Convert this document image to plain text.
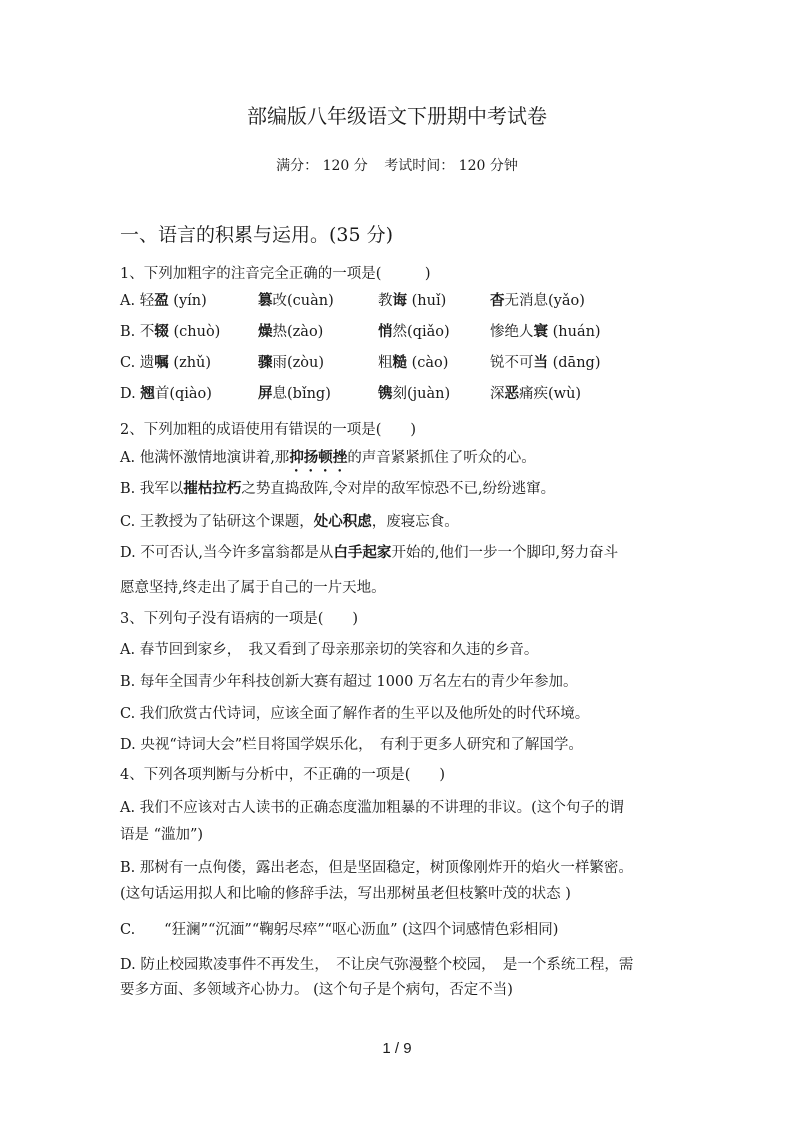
部编版八年级语文下册期中考试卷
满分： 120 分 考试时间： 120 分钟
一、语言的积累与运用。(35 分)
1、下列加粗字的注音完全正确的一项是(　　　)
A. 轻盈 (yín)	篡改(cuàn)	教诲 (huǐ)	杳无消息(yǎo)
B. 不辍 (chuò)	燥热(zào)	悄然(qiǎo)	惨绝人寰 (huán)
C. 遗嘱 (zhǔ)	骤雨(zòu)	粗糙 (cào)	锐不可当 (dāng)
D. 翘首(qiào)	屏息(bǐng)	镌刻(juàn)	深恶痛疾(wù)
2、下列加粗的成语使用有错误的一项是(　　)
A. 他满怀激情地演讲着,那抑扬顿挫的声音紧紧抓住了听众的心。
B. 我军以摧枯拉朽之势直捣敌阵,令对岸的敌军惊恐不已,纷纷逃窜。
C. 王教授为了钻研这个课题，处心积虑，废寝忘食。
D. 不可否认,当今许多富翁都是从白手起家开始的,他们一步一个脚印,努力奋斗
愿意坚持,终走出了属于自己的一片天地。
3、下列句子没有语病的一项是(　　)
A. 春节回到家乡，　我又看到了母亲那亲切的笑容和久违的乡音。
B. 每年全国青少年科技创新大赛有超过 1000 万名左右的青少年参加。
C. 我们欣赏古代诗词，应该全面了解作者的生平以及他所处的时代环境。
D. 央视“诗词大会”栏目将国学娱乐化，　有利于更多人研究和了解国学。
4、下列各项判断与分析中，不正确的一项是(　　)
A. 我们不应该对古人读书的正确态度滥加粗暴的不讲理的非议。(这个句子的谓
语是 “滥加”)
B. 那树有一点佝偻，露出老态，但是坚固稳定，树顶像刚炸开的焰火一样繁密。
(这句话运用拟人和比喻的修辞手法，写出那树虽老但枝繁叶茂的状态 )
C.　　“狂澜”“沉湎”“鞠躬尽瘁”“呕心沥血” (这四个词感情色彩相同)
D. 防止校园欺凌事件不再发生，　不让戾气弥漫整个校园，　是一个系统工程，需
要多方面、多领域齐心协力。 (这个句子是个病句，否定不当)
1 / 9
